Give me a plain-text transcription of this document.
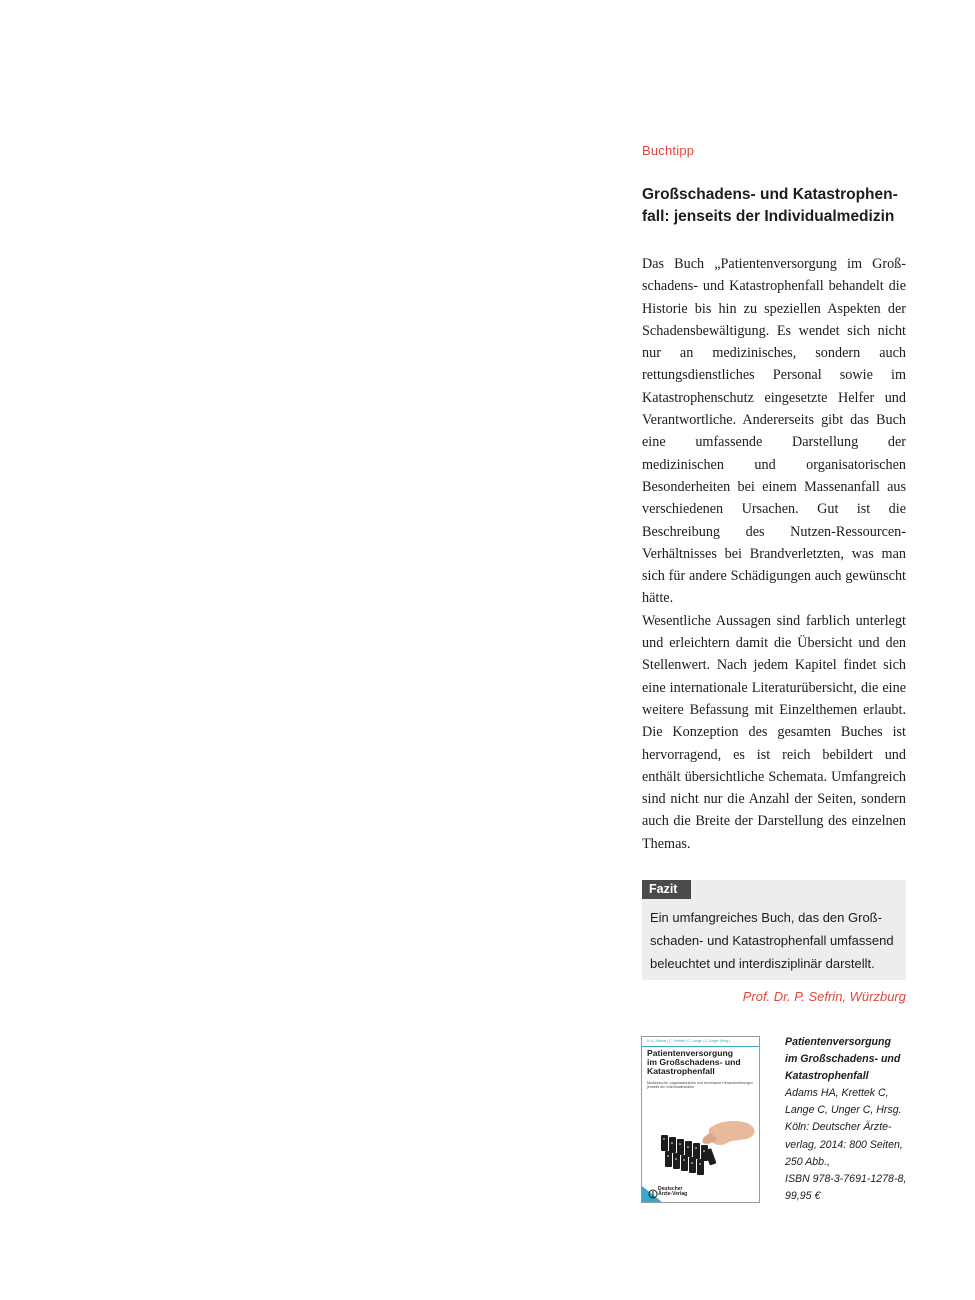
Buchtipp
Großschadens- und Katastrophen-
fall: jenseits der Individualmedizin

Das Buch „Patientenversorgung im Großschadens- und Katastrophenfall behandelt die Historie bis hin zu speziellen Aspekten der Schadensbewältigung. Es wendet sich nicht nur an medizinisches, sondern auch rettungsdienstliches Personal sowie im Katastrophenschutz eingesetzte Helfer und Verantwortliche. Andererseits gibt das Buch eine umfassende Darstellung der medizinischen und organisatorischen Besonderheiten bei einem Massenanfall aus verschiedenen Ursachen. Gut ist die Beschreibung des Nutzen-Ressourcen-Verhältnisses bei Brandverletzten, was man sich für andere Schädigungen auch gewünscht hätte.

Wesentliche Aussagen sind farblich unterlegt und erleichtern damit die Übersicht und den Stellenwert. Nach jedem Kapitel findet sich eine internationale Literaturübersicht, die eine weitere Befassung mit Einzelthemen erlaubt. Die Konzeption des gesamten Buches ist hervorragend, es ist reich bebildert und enthält übersichtliche Schemata. Umfangreich sind nicht nur die Anzahl der Seiten, sondern auch die Breite der Darstellung des einzelnen Themas.

Fazit
Ein umfangreiches Buch, das den Groß-
schaden- und Katastrophenfall umfassend
beleuchtet und interdisziplinär darstellt.
Prof. Dr. P. Sefrin, Würzburg
H. A. Adams | C. Krettek | C. Lange | C. Unger (Hrsg.)
Patientenversorgung
im Großschadens- und
Katastrophenfall
Medizinische, organisatorische und technische Herausforderungen jenseits der Individualmedizin
Deutscher
Ärzte-Verlag
Patientenversorgung
im Großschadens- und
Katastrophenfall
Adams HA, Krettek C,
Lange C, Unger C, Hrsg.
Köln: Deutscher Ärzte-
verlag, 2014: 800 Seiten,
250 Abb.,
ISBN 978-3-7691-1278-8,
99,95 €
